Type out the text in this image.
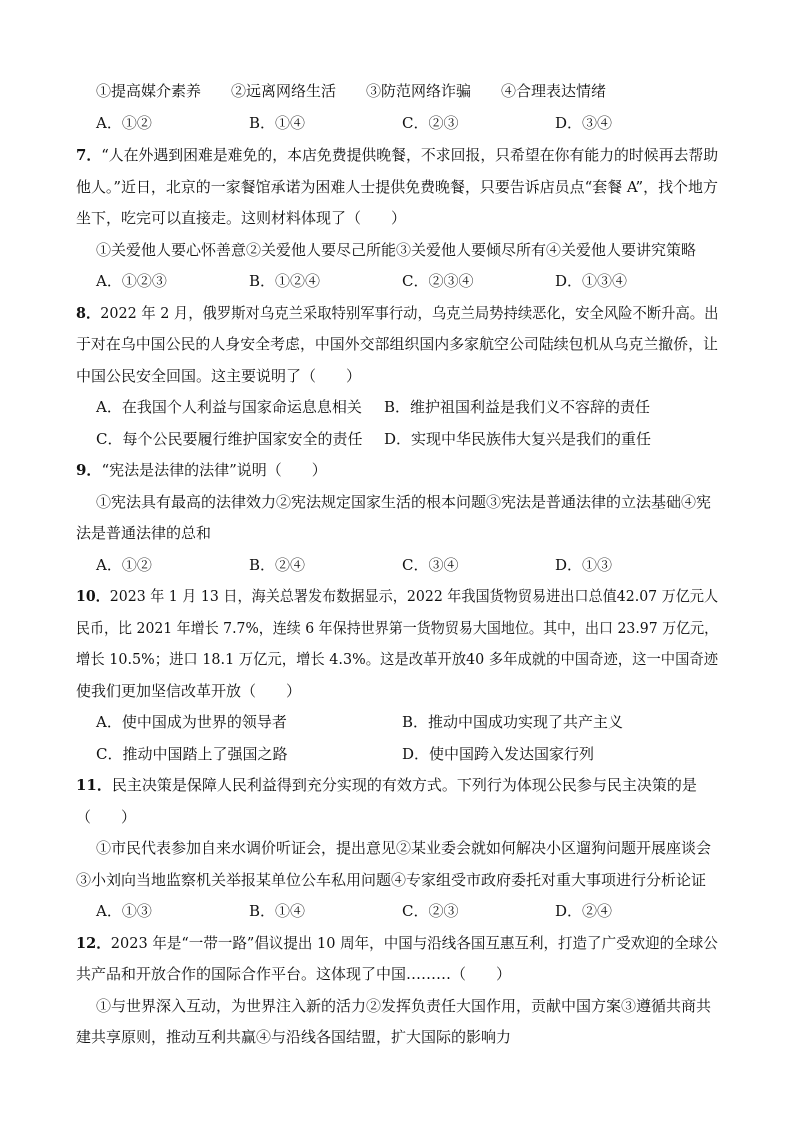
①提高媒介素养　　②远离网络生活　　③防范网络诈骗　　④合理表达情绪
A．①②	B．①④	C．②③	D．③④
7．“人在外遇到困难是难免的，本店免费提供晚餐，不求回报，只希望在你有能力的时候再去帮助
他人。”近日，北京的一家餐馆承诺为困难人士提供免费晚餐，只要告诉店员点“套餐 A”，找个地方
坐下，吃完可以直接走。这则材料体现了（　　）
①关爱他人要心怀善意②关爱他人要尽己所能③关爱他人要倾尽所有④关爱他人要讲究策略
A．①②③	B．①②④	C．②③④	D．①③④
8．2022 年 2 月，俄罗斯对乌克兰采取特别军事行动，乌克兰局势持续恶化，安全风险不断升高。出
于对在乌中国公民的人身安全考虑，中国外交部组织国内多家航空公司陆续包机从乌克兰撤侨，让
中国公民安全回国。这主要说明了（　　）
A．在我国个人利益与国家命运息息相关 B．维护祖国利益是我们义不容辞的责任
C．每个公民要履行维护国家安全的责任 D．实现中华民族伟大复兴是我们的重任
9．“宪法是法律的法律”说明（　　）
①宪法具有最高的法律效力②宪法规定国家生活的根本问题③宪法是普通法律的立法基础④宪
法是普通法律的总和
A．①②	B．②④	C．③④	D．①③
10．2023 年 1 月 13 日，海关总署发布数据显示，2022 年我国货物贸易进出口总值42.07 万亿元人
民币，比 2021 年增长 7.7%，连续 6 年保持世界第一货物贸易大国地位。其中，出口 23.97 万亿元，
增长 10.5%；进口 18.1 万亿元，增长 4.3%。这是改革开放40 多年成就的中国奇迹，这一中国奇迹
使我们更加坚信改革开放（　　）
A．使中国成为世界的领导者	B．推动中国成功实现了共产主义
C．推动中国踏上了强国之路	D．使中国跨入发达国家行列
11．民主决策是保障人民利益得到充分实现的有效方式。下列行为体现公民参与民主决策的是
（　　）
①市民代表参加自来水调价听证会，提出意见②某业委会就如何解决小区遛狗问题开展座谈会
③小刘向当地监察机关举报某单位公车私用问题④专家组受市政府委托对重大事项进行分析论证
A．①③	B．①④	C．②③	D．②④
12．2023 年是“一带一路”倡议提出 10 周年，中国与沿线各国互惠互利，打造了广受欢迎的全球公
共产品和开放合作的国际合作平台。这体现了中国………（　　）
①与世界深入互动，为世界注入新的活力②发挥负责任大国作用，贡献中国方案③遵循共商共
建共享原则，推动互利共赢④与沿线各国结盟，扩大国际的影响力
